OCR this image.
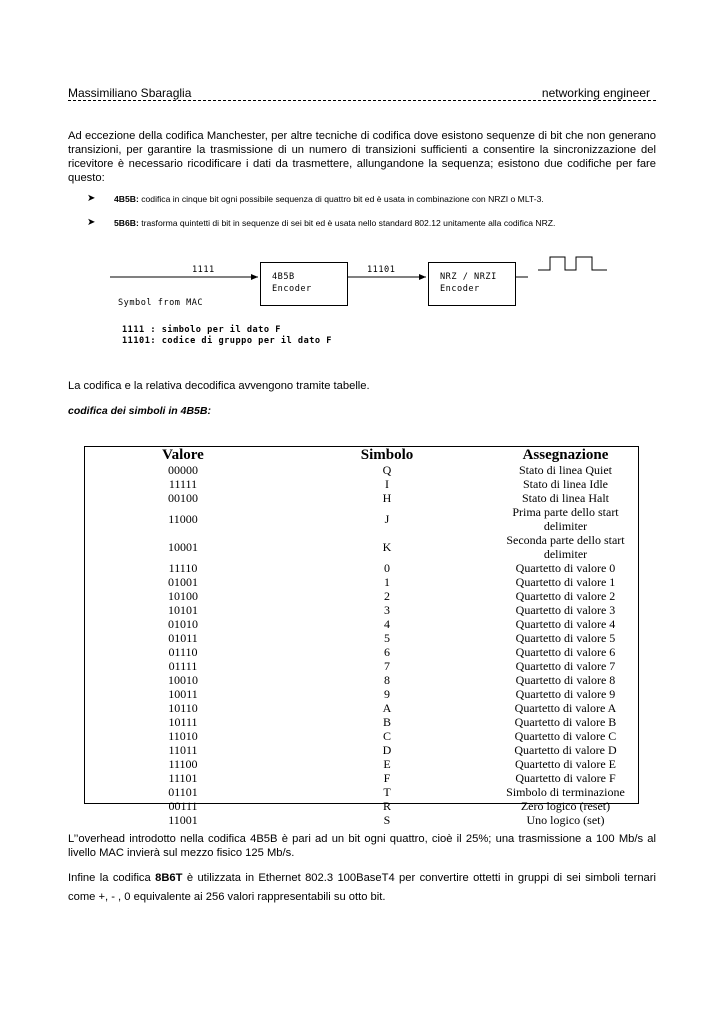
Massimiliano Sbaraglia	networking engineer
Ad eccezione della codifica Manchester, per altre tecniche di codifica dove esistono sequenze di bit che non generano transizioni, per garantire la trasmissione di un numero di transizioni sufficienti a consentire la sincronizzazione del ricevitore è necessario ricodificare i dati da trasmettere, allungandone la sequenza; esistono due codifiche per fare questo:
➤ 4B5B: codifica in cinque bit ogni possibile sequenza di quattro bit ed è usata in combinazione con NRZI o MLT-3.
➤ 5B6B: trasforma quintetti di bit in sequenze di sei bit ed è usata nello standard 802.12 unitamente alla codifica NRZ.
1111
4B5B
Encoder
11101
NRZ / NRZI
Encoder
Symbol from MAC
1111 : simbolo per il dato F
11101: codice di gruppo per il dato F
La codifica e la relativa decodifica avvengono tramite tabelle.
codifica dei simboli in 4B5B:
Valore	Simbolo	Assegnazione
00000	Q	Stato di linea Quiet
11111	I	Stato di linea Idle
00100	H	Stato di linea Halt
11000	J	Prima parte dello start delimiter
10001	K	Seconda parte dello start delimiter
11110	0	Quartetto di valore 0
01001	1	Quartetto di valore 1
10100	2	Quartetto di valore 2
10101	3	Quartetto di valore 3
01010	4	Quartetto di valore 4
01011	5	Quartetto di valore 5
01110	6	Quartetto di valore 6
01111	7	Quartetto di valore 7
10010	8	Quartetto di valore 8
10011	9	Quartetto di valore 9
10110	A	Quartetto di valore A
10111	B	Quartetto di valore B
11010	C	Quartetto di valore C
11011	D	Quartetto di valore D
11100	E	Quartetto di valore E
11101	F	Quartetto di valore F
01101	T	Simbolo di terminazione
00111	R	Zero logico (reset)
11001	S	Uno logico (set)
L’’overhead introdotto nella codifica 4B5B è pari ad un bit ogni quattro, cioè il 25%; una trasmissione a 100 Mb/s al livello MAC invierà sul mezzo fisico 125 Mb/s.
Infine la codifica 8B6T è utilizzata in Ethernet 802.3 100BaseT4 per convertire ottetti in gruppi di sei simboli ternari come +, - , 0 equivalente ai 256 valori rappresentabili su otto bit.
